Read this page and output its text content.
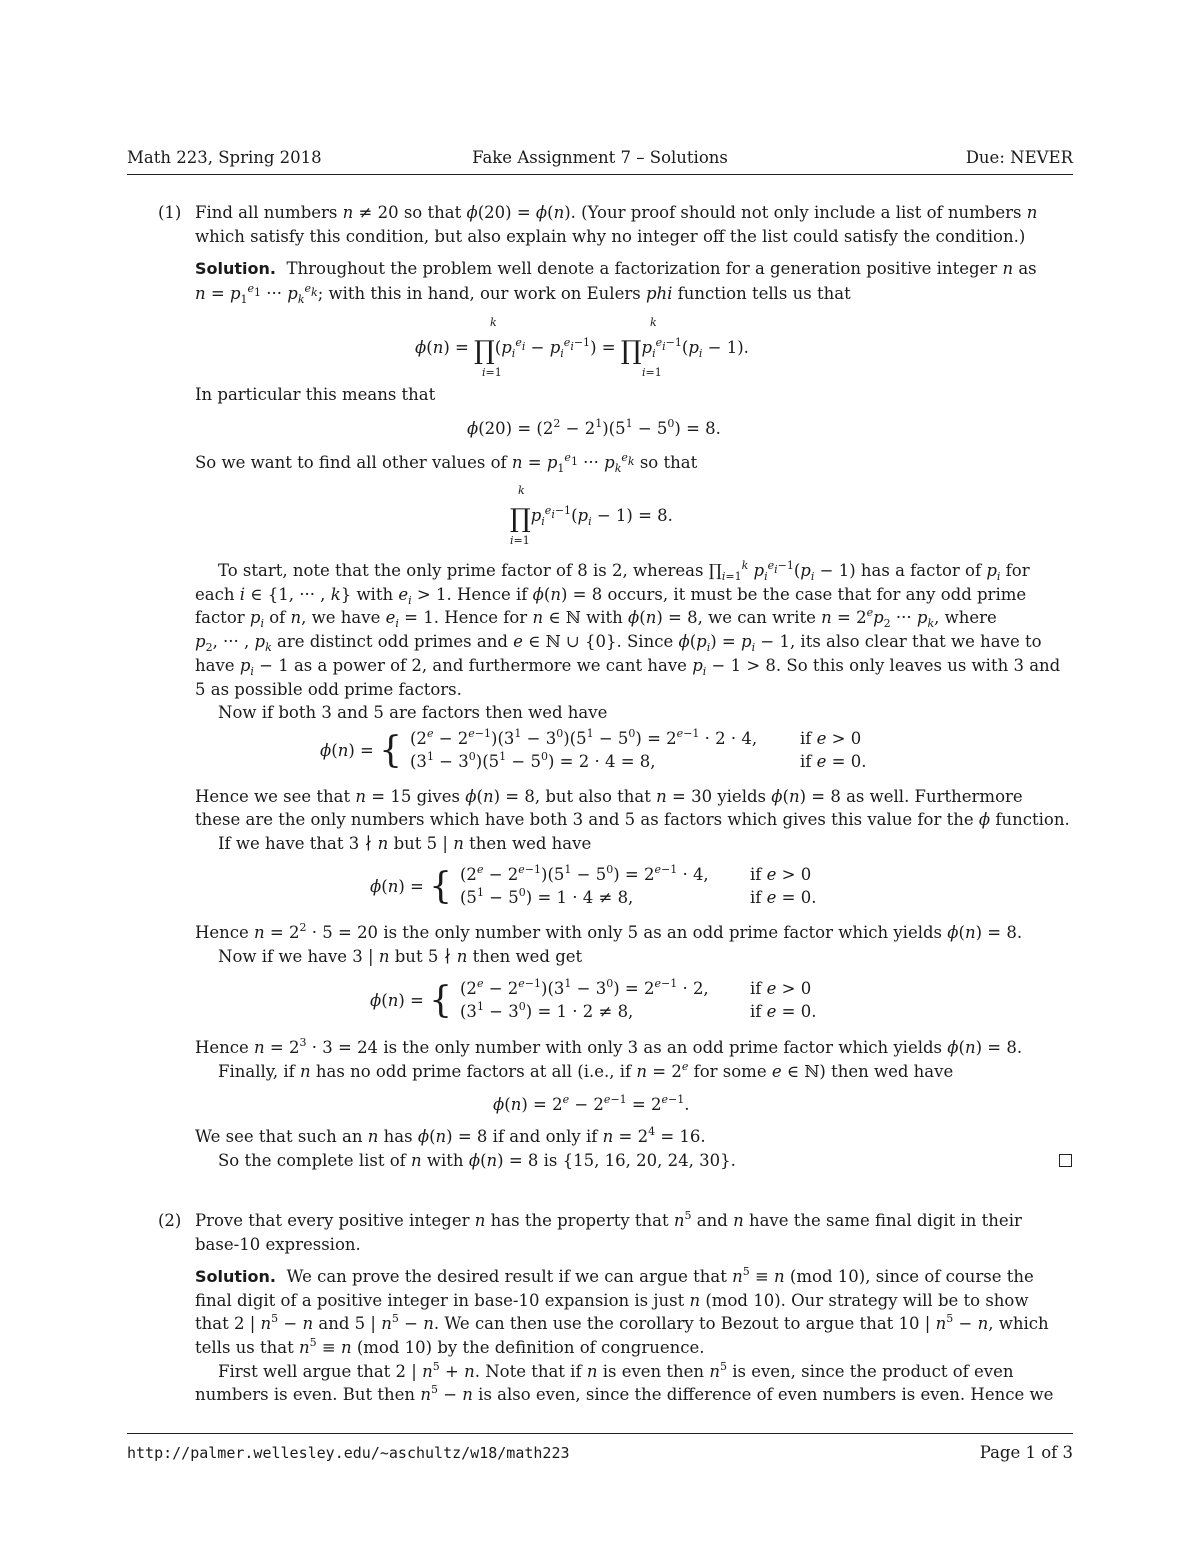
Math 223, Spring 2018	Fake Assignment 7 – Solutions	Due: NEVER
(1) Find all numbers n ≠ 20 so that ϕ(20) = ϕ(n). (Your proof should not only include a list of numbers n
which satisfy this condition, but also explain why no integer off the list could satisfy the condition.)
Solution. Throughout the problem well denote a factorization for a generation positive integer n as
$n = p_1^{e_1}$ ··· $p_k^{e_k}$; with this in hand, our work on Eulers phi function tells us that
$\phi(n) = \prod(p_i^{e_i} - p_i^{e_i-1})$ = $\prod p_i^{e_i-1}(p_i - 1)$.
k
i=1
k
i=1
In particular this means that
$\phi(20) = (2^2 - 2^1)(5^1 - 5^0) = 8$.
So we want to find all other values of $n = p_1^{e_1}$ ··· $p_k^{e_k}$ so that
$\prod p_i^{e_i-1}(p_i - 1) = 8$.
k
i=1
To start, note that the only prime factor of 8 is 2, whereas $\prod_{i=1}^k$ $p_i^{e_i-1}(p_i - 1)$ has a factor of $p_i$ for
each i ∈ {1, ··· , k} with $e_i > 1$. Hence if ϕ(n) = 8 occurs, it must be the case that for any odd prime
factor $p_i$ of n, we have $e_i = 1$. Hence for n ∈ ℕ with ϕ(n) = 8, we can write $n = 2^ep_2$ ··· $p_k$, where
$p_2$, ··· , $p_k$ are distinct odd primes and e ∈ ℕ ∪ {0}. Since $\phi(p_i) = p_i - 1$, its also clear that we have to
have $p_i - 1$ as a power of 2, and furthermore we cant have $p_i - 1 > 8$. So this only leaves us with 3 and
5 as possible odd prime factors.
Now if both 3 and 5 are factors then wed have
ϕ(n) = { $(2^e - 2^{e-1})(3^1 - 3^0)(5^1 - 5^0) = 2^{e-1} \cdot 2 \cdot 4$,	if e > 0
$(3^1 - 3^0)(5^1 - 5^0) = 2 \cdot 4 = 8$,	if e = 0.
Hence we see that n = 15 gives ϕ(n) = 8, but also that n = 30 yields ϕ(n) = 8 as well. Furthermore
these are the only numbers which have both 3 and 5 as factors which gives this value for the ϕ function.
If we have that 3 ∤ n but 5 | n then wed have
ϕ(n) = { $(2^e - 2^{e-1})(5^1 - 5^0) = 2^{e-1} \cdot 4$,	if e > 0
$(5^1 - 5^0) = 1 \cdot 4 \ne 8$,	if e = 0.
Hence $n = 2^2 \cdot 5 = 20$ is the only number with only 5 as an odd prime factor which yields ϕ(n) = 8.
Now if we have 3 | n but 5 ∤ n then wed get
ϕ(n) = { $(2^e - 2^{e-1})(3^1 - 3^0) = 2^{e-1} \cdot 2$,	if e > 0
$(3^1 - 3^0) = 1 \cdot 2 \ne 8$,	if e = 0.
Hence $n = 2^3 \cdot 3 = 24$ is the only number with only 3 as an odd prime factor which yields ϕ(n) = 8.
Finally, if n has no odd prime factors at all (i.e., if $n = 2^e$ for some e ∈ ℕ) then wed have
$\phi(n) = 2^e - 2^{e-1} = 2^{e-1}$.
We see that such an n has ϕ(n) = 8 if and only if $n = 2^4 = 16$.
So the complete list of n with ϕ(n) = 8 is {15, 16, 20, 24, 30}.
(2) Prove that every positive integer n has the property that $n^5$ and n have the same final digit in their
base-10 expression.
Solution. We can prove the desired result if we can argue that $n^5 \equiv n$ (mod 10), since of course the
final digit of a positive integer in base-10 expansion is just n (mod 10). Our strategy will be to show
that 2 | $n^5 - n$ and 5 | $n^5 - n$. We can then use the corollary to Bezout to argue that 10 | $n^5 - n$, which
tells us that $n^5 \equiv n$ (mod 10) by the definition of congruence.
First well argue that 2 | $n^5 + n$. Note that if n is even then $n^5$ is even, since the product of even
numbers is even. But then $n^5 - n$ is also even, since the difference of even numbers is even. Hence we
http://palmer.wellesley.edu/~aschultz/w18/math223	Page 1 of 3
